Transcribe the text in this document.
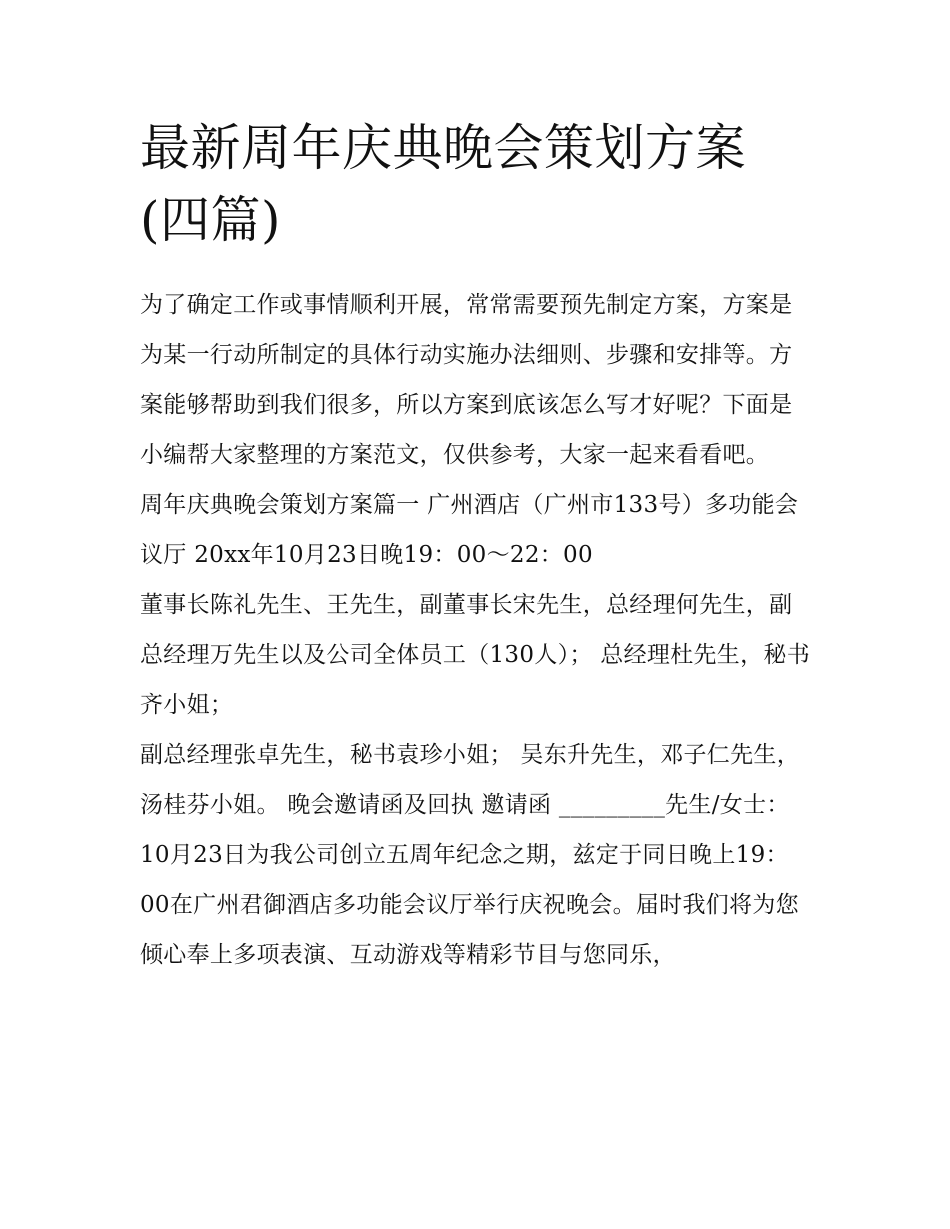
最新周年庆典晚会策划方案(四篇)

为了确定工作或事情顺利开展，常常需要预先制定方案，方案是为某一行动所制定的具体行动实施办法细则、步骤和安排等。方案能够帮助到我们很多，所以方案到底该怎么写才好呢？下面是小编帮大家整理的方案范文，仅供参考，大家一起来看看吧。

周年庆典晚会策划方案篇一 广州酒店（广州市133号）多功能会议厅 20xx年10月23日晚19：00～22：00

董事长陈礼先生、王先生，副董事长宋先生，总经理何先生，副总经理万先生以及公司全体员工（130人）； 总经理杜先生，秘书齐小姐；

副总经理张卓先生，秘书袁珍小姐； 吴东升先生，邓子仁先生，汤桂芬小姐。 晚会邀请函及回执 邀请函 _________先生/女士：

10月23日为我公司创立五周年纪念之期，兹定于同日晚上19：00在广州君御酒店多功能会议厅举行庆祝晚会。届时我们将为您倾心奉上多项表演、互动游戏等精彩节目与您同乐，
